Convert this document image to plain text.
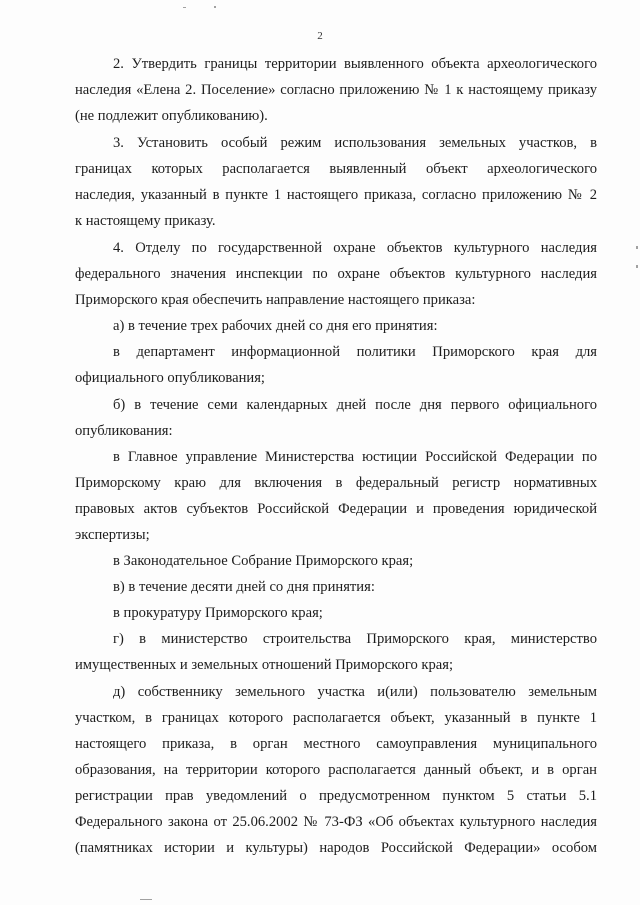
2
2. Утвердить границы территории выявленного объекта археологического
наследия «Елена 2. Поселение» согласно приложению № 1 к настоящему приказу
(не подлежит опубликованию).
3. Установить особый режим использования земельных участков, в
границах которых располагается выявленный объект археологического
наследия, указанный в пункте 1 настоящего приказа, согласно приложению № 2
к настоящему приказу.
4. Отделу по государственной охране объектов культурного наследия
федерального значения инспекции по охране объектов культурного наследия
Приморского края обеспечить направление настоящего приказа:
а) в течение трех рабочих дней со дня его принятия:
в департамент информационной политики Приморского края для
официального опубликования;
б) в течение семи календарных дней после дня первого официального
опубликования:
в Главное управление Министерства юстиции Российской Федерации по
Приморскому краю для включения в федеральный регистр нормативных
правовых актов субъектов Российской Федерации и проведения юридической
экспертизы;
в Законодательное Собрание Приморского края;
в) в течение десяти дней со дня принятия:
в прокуратуру Приморского края;
г) в министерство строительства Приморского края, министерство
имущественных и земельных отношений Приморского края;
д) собственнику земельного участка и(или) пользователю земельным
участком, в границах которого располагается объект, указанный в пункте 1
настоящего приказа, в орган местного самоуправления муниципального
образования, на территории которого располагается данный объект, и в орган
регистрации прав уведомлений о предусмотренном пунктом 5 статьи 5.1
Федерального закона от 25.06.2002 № 73-ФЗ «Об объектах культурного наследия
(памятниках истории и культуры) народов Российской Федерации» особом
